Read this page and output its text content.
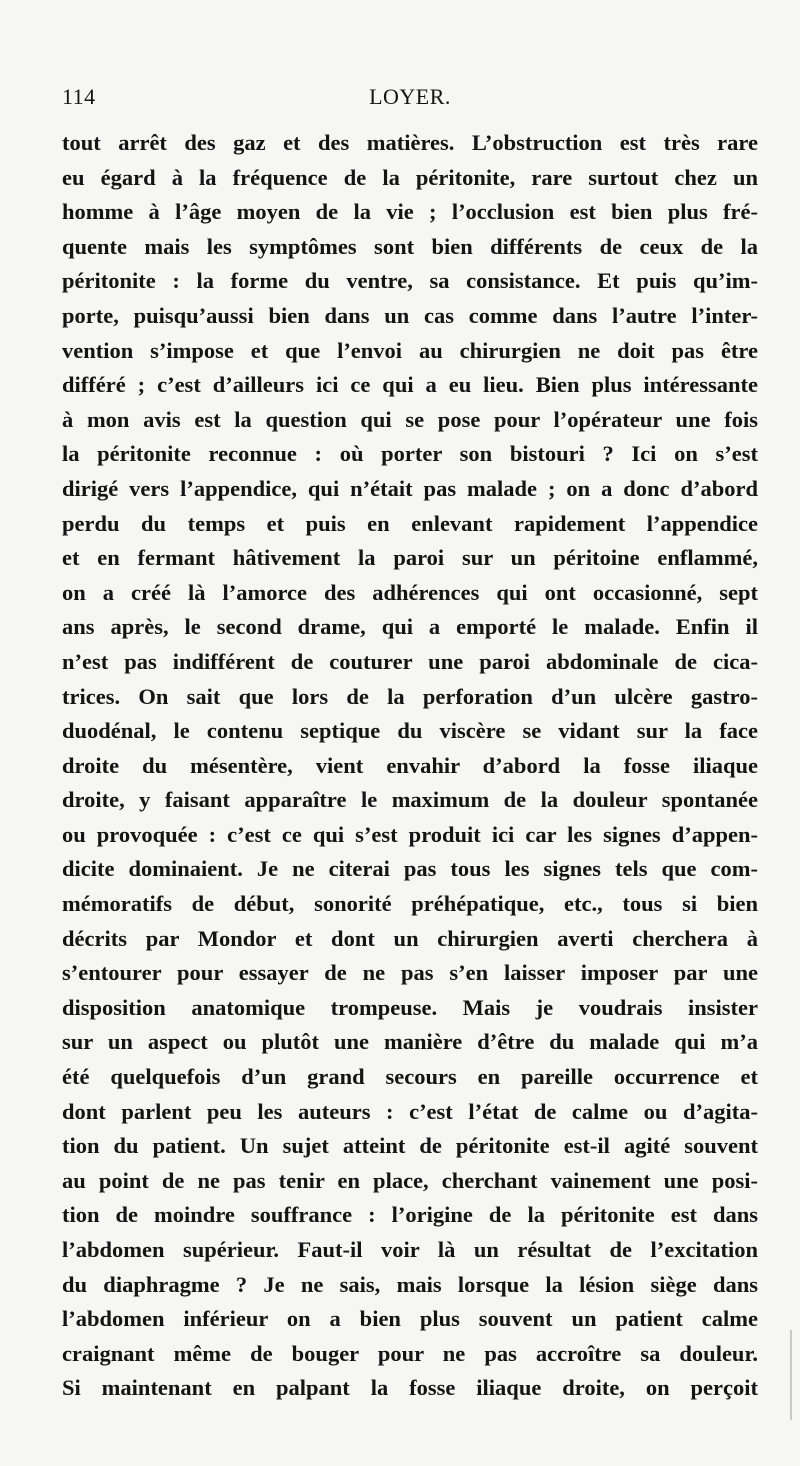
114	LOYER.
tout arrêt des gaz et des matières. L’obstruction est très rare
eu égard à la fréquence de la péritonite, rare surtout chez un
homme à l’âge moyen de la vie ; l’occlusion est bien plus fré-
quente mais les symptômes sont bien différents de ceux de la
péritonite : la forme du ventre, sa consistance. Et puis qu’im-
porte, puisqu’aussi bien dans un cas comme dans l’autre l’inter-
vention s’impose et que l’envoi au chirurgien ne doit pas être
différé ; c’est d’ailleurs ici ce qui a eu lieu. Bien plus intéressante
à mon avis est la question qui se pose pour l’opérateur une fois
la péritonite reconnue : où porter son bistouri ? Ici on s’est
dirigé vers l’appendice, qui n’était pas malade ; on a donc d’abord
perdu du temps et puis en enlevant rapidement l’appendice
et en fermant hâtivement la paroi sur un péritoine enflammé,
on a créé là l’amorce des adhérences qui ont occasionné, sept
ans après, le second drame, qui a emporté le malade. Enfin il
n’est pas indifférent de couturer une paroi abdominale de cica-
trices. On sait que lors de la perforation d’un ulcère gastro-
duodénal, le contenu septique du viscère se vidant sur la face
droite du mésentère, vient envahir d’abord la fosse iliaque
droite, y faisant apparaître le maximum de la douleur spontanée
ou provoquée : c’est ce qui s’est produit ici car les signes d’appen-
dicite dominaient. Je ne citerai pas tous les signes tels que com-
mémoratifs de début, sonorité préhépatique, etc., tous si bien
décrits par Mondor et dont un chirurgien averti cherchera à
s’entourer pour essayer de ne pas s’en laisser imposer par une
disposition anatomique trompeuse. Mais je voudrais insister
sur un aspect ou plutôt une manière d’être du malade qui m’a
été quelquefois d’un grand secours en pareille occurrence et
dont parlent peu les auteurs : c’est l’état de calme ou d’agita-
tion du patient. Un sujet atteint de péritonite est-il agité souvent
au point de ne pas tenir en place, cherchant vainement une posi-
tion de moindre souffrance : l’origine de la péritonite est dans
l’abdomen supérieur. Faut-il voir là un résultat de l’excitation
du diaphragme ? Je ne sais, mais lorsque la lésion siège dans
l’abdomen inférieur on a bien plus souvent un patient calme
craignant même de bouger pour ne pas accroître sa douleur.
Si maintenant en palpant la fosse iliaque droite, on perçoit
